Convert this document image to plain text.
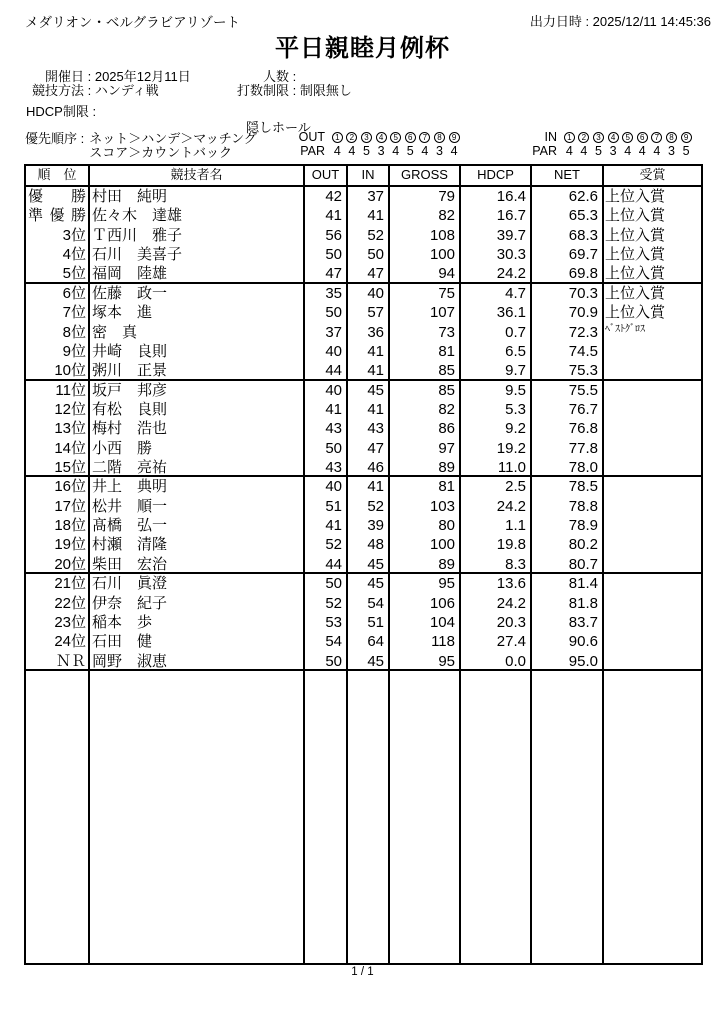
メダリオン・ベルグラビアリゾート	出力日時 : 2025/12/11 14:45:36
平日親睦月例杯
開催日 : 2025年12月11日	人数 :
競技方法 : ハンディ戦	打数制限 : 制限無し
HDCP制限 :
隠しホール
OUT	1	2	3	4	5	6	7	8	9
PAR 4 4 5 3 4 5 4 3 4
IN	1	2	3	4	5	6	7	8	9
PAR 4 4 5 3 4 4 4 3 5
優先順序 : ネット＞ハンデ＞マッチング
スコア＞カウントバック
順　位	競技者名	OUT	IN	GROSS	HDCP	NET	受賞
優　勝 村田　純明	42	37	79	16.4	62.6 上位入賞
準優勝 佐々木　達雄	41	41	82	16.7	65.3 上位入賞
3位 Ｔ西川　雅子	56	52	108	39.7	68.3 上位入賞
4位 石川　美喜子	50	50	100	30.3	69.7 上位入賞
5位 福岡　陸雄	47	47	94	24.2	69.8 上位入賞
6位 佐藤　政一	35	40	75	4.7	70.3 上位入賞
7位 塚本　進	50	57	107	36.1	70.9 上位入賞
8位 密　真	37	36	73	0.7	72.3 ﾍﾞｽﾄｸﾞﾛｽ
9位 井崎　良則	40	41	81	6.5	74.5
10位 粥川　正景	44	41	85	9.7	75.3
11位 坂戸　邦彦	40	45	85	9.5	75.5
12位 有松　良則	41	41	82	5.3	76.7
13位 梅村　浩也	43	43	86	9.2	76.8
14位 小西　勝	50	47	97	19.2	77.8
15位 二階　亮祐	43	46	89	11.0	78.0
16位 井上　典明	40	41	81	2.5	78.5
17位 松井　順一	51	52	103	24.2	78.8
18位 髙橋　弘一	41	39	80	1.1	78.9
19位 村瀬　清隆	52	48	100	19.8	80.2
20位 柴田　宏治	44	45	89	8.3	80.7
21位 石川　眞澄	50	45	95	13.6	81.4
22位 伊奈　紀子	52	54	106	24.2	81.8
23位 稲本　歩	53	51	104	20.3	83.7
24位 石田　健	54	64	118	27.4	90.6
ＮＲ 岡野　淑恵	50	45	95	0.0	95.0
1 / 1
